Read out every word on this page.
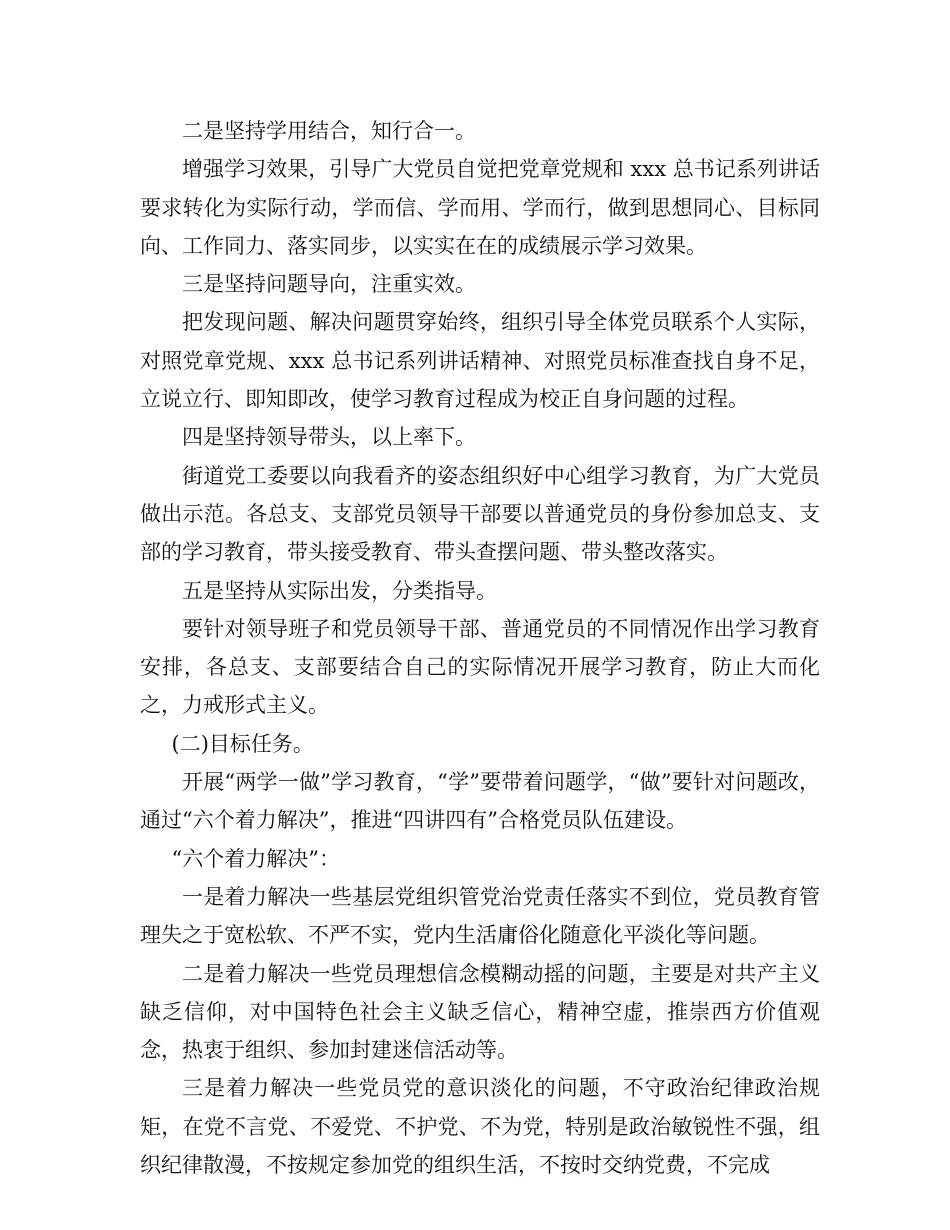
二是坚持学用结合，知行合一。

增强学习效果，引导广大党员自觉把党章党规和 xxx 总书记系列讲话要求转化为实际行动，学而信、学而用、学而行，做到思想同心、目标同向、工作同力、落实同步，以实实在在的成绩展示学习效果。

三是坚持问题导向，注重实效。

把发现问题、解决问题贯穿始终，组织引导全体党员联系个人实际，对照党章党规、xxx 总书记系列讲话精神、对照党员标准查找自身不足，立说立行、即知即改，使学习教育过程成为校正自身问题的过程。

四是坚持领导带头，以上率下。

街道党工委要以向我看齐的姿态组织好中心组学习教育，为广大党员做出示范。各总支、支部党员领导干部要以普通党员的身份参加总支、支部的学习教育，带头接受教育、带头查摆问题、带头整改落实。

五是坚持从实际出发，分类指导。

要针对领导班子和党员领导干部、普通党员的不同情况作出学习教育安排，各总支、支部要结合自己的实际情况开展学习教育，防止大而化之，力戒形式主义。

(二)目标任务。

开展“两学一做”学习教育，“学”要带着问题学，“做”要针对问题改，通过“六个着力解决”，推进“四讲四有”合格党员队伍建设。

“六个着力解决”：

一是着力解决一些基层党组织管党治党责任落实不到位，党员教育管理失之于宽松软、不严不实，党内生活庸俗化随意化平淡化等问题。

二是着力解决一些党员理想信念模糊动摇的问题，主要是对共产主义缺乏信仰，对中国特色社会主义缺乏信心，精神空虚，推崇西方价值观念，热衷于组织、参加封建迷信活动等。

三是着力解决一些党员党的意识淡化的问题，不守政治纪律政治规矩，在党不言党、不爱党、不护党、不为党，特别是政治敏锐性不强，组织纪律散漫，不按规定参加党的组织生活，不按时交纳党费，不完成
